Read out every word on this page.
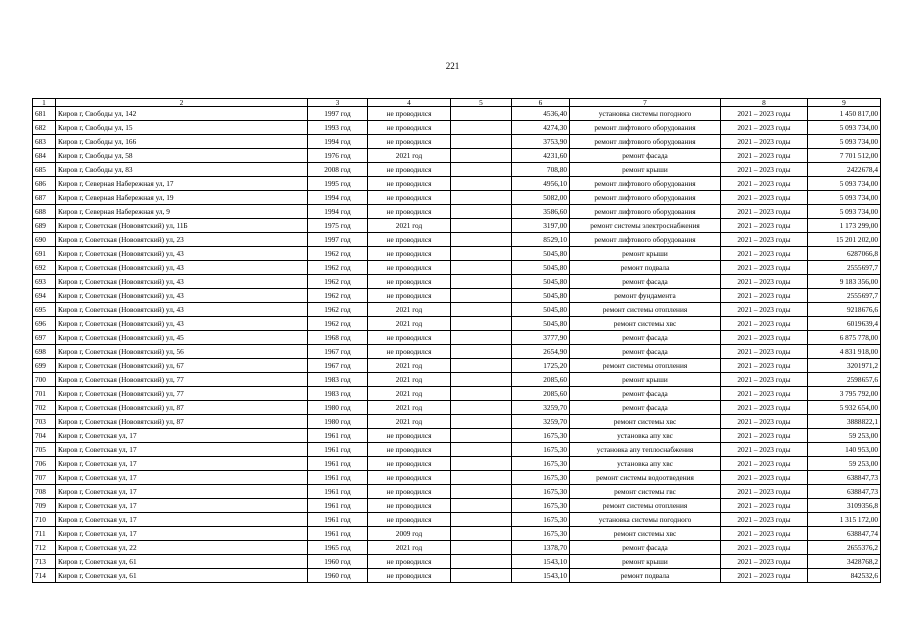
221
1	2	3	4	5	6	7	8	9
681	Киров г, Свободы ул, 142	1997 год	не проводился		4536,40	установка системы погодного	2021 – 2023 годы	1 450 817,00
682	Киров г, Свободы ул, 15	1993 год	не проводился		4274,30	ремонт лифтового оборудования	2021 – 2023 годы	5 093 734,00
683	Киров г, Свободы ул, 166	1994 год	не проводился		3753,90	ремонт лифтового оборудования	2021 – 2023 годы	5 093 734,00
684	Киров г, Свободы ул, 58	1976 год	2021 год		4231,60	ремонт фасада	2021 – 2023 годы	7 701 512,00
685	Киров г, Свободы ул, 83	2008 год	не проводился		708,80	ремонт крыши	2021 – 2023 годы	2422678,4
686	Киров г, Северная Набережная ул, 17	1995 год	не проводился		4956,10	ремонт лифтового оборудования	2021 – 2023 годы	5 093 734,00
687	Киров г, Северная Набережная ул, 19	1994 год	не проводился		5082,00	ремонт лифтового оборудования	2021 – 2023 годы	5 093 734,00
688	Киров г, Северная Набережная ул, 9	1994 год	не проводился		3586,60	ремонт лифтового оборудования	2021 – 2023 годы	5 093 734,00
689	Киров г, Советская (Нововятский) ул, 11Б	1975 год	2021 год		3197,00	ремонт системы электроснабжения	2021 – 2023 годы	1 173 299,00
690	Киров г, Советская (Нововятский) ул, 23	1997 год	не проводился		8529,10	ремонт лифтового оборудования	2021 – 2023 годы	15 201 202,00
691	Киров г, Советская (Нововятский) ул, 43	1962 год	не проводился		5045,80	ремонт крыши	2021 – 2023 годы	6287066,8
692	Киров г, Советская (Нововятский) ул, 43	1962 год	не проводился		5045,80	ремонт подвала	2021 – 2023 годы	2555697,7
693	Киров г, Советская (Нововятский) ул, 43	1962 год	не проводился		5045,80	ремонт фасада	2021 – 2023 годы	9 183 356,00
694	Киров г, Советская (Нововятский) ул, 43	1962 год	не проводился		5045,80	ремонт фундамента	2021 – 2023 годы	2555697,7
695	Киров г, Советская (Нововятский) ул, 43	1962 год	2021 год		5045,80	ремонт системы отопления	2021 – 2023 годы	9218676,6
696	Киров г, Советская (Нововятский) ул, 43	1962 год	2021 год		5045,80	ремонт системы хвс	2021 – 2023 годы	6019639,4
697	Киров г, Советская (Нововятский) ул, 45	1968 год	не проводился		3777,90	ремонт фасада	2021 – 2023 годы	6 875 778,00
698	Киров г, Советская (Нововятский) ул, 56	1967 год	не проводился		2654,90	ремонт фасада	2021 – 2023 годы	4 831 918,00
699	Киров г, Советская (Нововятский) ул, 67	1967 год	2021 год		1725,20	ремонт системы отопления	2021 – 2023 годы	3201971,2
700	Киров г, Советская (Нововятский) ул, 77	1983 год	2021 год		2085,60	ремонт крыши	2021 – 2023 годы	2598657,6
701	Киров г, Советская (Нововятский) ул, 77	1983 год	2021 год		2085,60	ремонт фасада	2021 – 2023 годы	3 795 792,00
702	Киров г, Советская (Нововятский) ул, 87	1980 год	2021 год		3259,70	ремонт фасада	2021 – 2023 годы	5 932 654,00
703	Киров г, Советская (Нововятский) ул, 87	1980 год	2021 год		3259,70	ремонт системы хвс	2021 – 2023 годы	3888822,1
704	Киров г, Советская ул, 17	1961 год	не проводился		1675,30	установка апу хвс	2021 – 2023 годы	59 253,00
705	Киров г, Советская ул, 17	1961 год	не проводился		1675,30	установка апу теплоснабжения	2021 – 2023 годы	140 953,00
706	Киров г, Советская ул, 17	1961 год	не проводился		1675,30	установка апу хвс	2021 – 2023 годы	59 253,00
707	Киров г, Советская ул, 17	1961 год	не проводился		1675,30	ремонт системы водоотведения	2021 – 2023 годы	638847,73
708	Киров г, Советская ул, 17	1961 год	не проводился		1675,30	ремонт системы гвс	2021 – 2023 годы	638847,73
709	Киров г, Советская ул, 17	1961 год	не проводился		1675,30	ремонт системы отопления	2021 – 2023 годы	3109356,8
710	Киров г, Советская ул, 17	1961 год	не проводился		1675,30	установка системы погодного	2021 – 2023 годы	1 315 172,00
711	Киров г, Советская ул, 17	1961 год	2009 год		1675,30	ремонт системы хвс	2021 – 2023 годы	638847,74
712	Киров г, Советская ул, 22	1965 год	2021 год		1378,70	ремонт фасада	2021 – 2023 годы	2655376,2
713	Киров г, Советская ул, 61	1960 год	не проводился		1543,10	ремонт крыши	2021 – 2023 годы	3428768,2
714	Киров г, Советская ул, 61	1960 год	не проводился		1543,10	ремонт подвала	2021 – 2023 годы	842532,6
